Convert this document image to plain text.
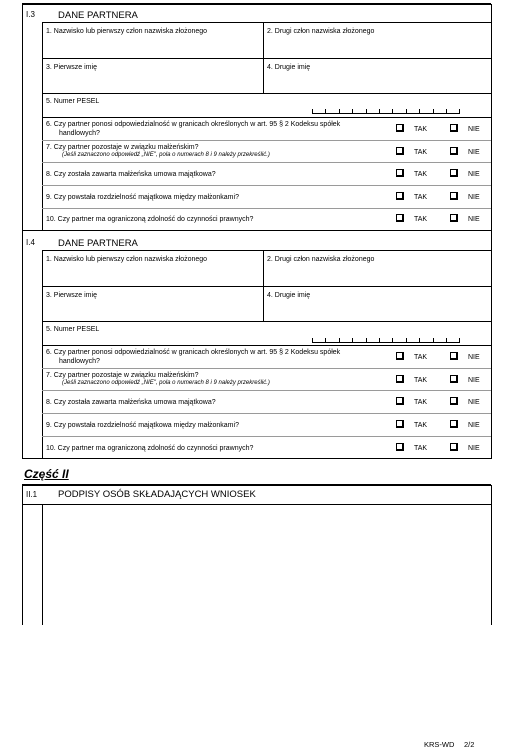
I.3 DANE PARTNERA
1. Nazwisko lub pierwszy człon nazwiska złożonego	2. Drugi człon nazwiska złożonego
3. Pierwsze imię	4. Drugie imię
5. Numer PESEL
6. Czy partner ponosi odpowiedzialność w granicach określonych w art. 95 § 2 Kodeksu spółek
handlowych?
TAK	NIE
7. Czy partner pozostaje w związku małżeńskim?
(Jeśli zaznaczono odpowiedź „NIE", pola o numerach 8 i 9 należy przekreślić.)	TAK	NIE
8. Czy została zawarta małżeńska umowa majątkowa?	TAK	NIE
9. Czy powstała rozdzielność majątkowa między małżonkami?	TAK	NIE
10. Czy partner ma ograniczoną zdolność do czynności prawnych?	TAK	NIE
I.4 DANE PARTNERA
1. Nazwisko lub pierwszy człon nazwiska złożonego	2. Drugi człon nazwiska złożonego
3. Pierwsze imię	4. Drugie imię
5. Numer PESEL
6. Czy partner ponosi odpowiedzialność w granicach określonych w art. 95 § 2 Kodeksu spółek
handlowych?
TAK	NIE
7. Czy partner pozostaje w związku małżeńskim?
(Jeśli zaznaczono odpowiedź „NIE", pola o numerach 8 i 9 należy przekreślić.)	TAK	NIE
8. Czy została zawarta małżeńska umowa majątkowa?	TAK	NIE
9. Czy powstała rozdzielność majątkowa między małżonkami?	TAK	NIE
10. Czy partner ma ograniczoną zdolność do czynności prawnych?	TAK	NIE
Część II
II.1 PODPISY OSÓB SKŁADAJĄCYCH WNIOSEK
KRS-WD 2/2
